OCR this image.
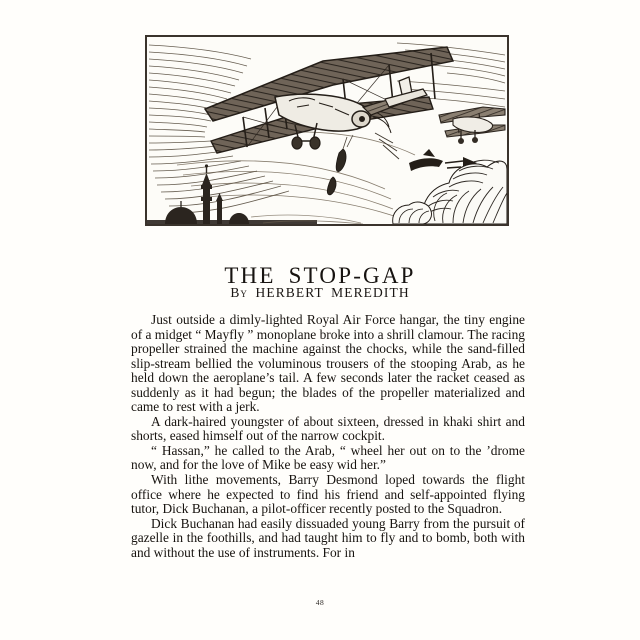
THE STOP-GAP
By HERBERT MEREDITH

Just outside a dimly-lighted Royal Air Force hangar, the tiny engine of a midget “ Mayfly ” monoplane broke into a shrill clamour. The racing propeller strained the machine against the chocks, while the sand-filled slip-stream bellied the voluminous trousers of the stooping Arab, as he held down the aeroplane’s tail. A few seconds later the racket ceased as suddenly as it had begun; the blades of the propeller materialized and came to rest with a jerk.

A dark-haired youngster of about sixteen, dressed in khaki shirt and shorts, eased himself out of the narrow cockpit.

“ Hassan,” he called to the Arab, “ wheel her out on to the ’drome now, and for the love of Mike be easy wid her.”

With lithe movements, Barry Desmond loped towards the flight office where he expected to find his friend and self-appointed flying tutor, Dick Buchanan, a pilot-officer recently posted to the Squadron.

Dick Buchanan had easily dissuaded young Barry from the pursuit of gazelle in the foothills, and had taught him to fly and to bomb, both with and without the use of instruments. For in

48
